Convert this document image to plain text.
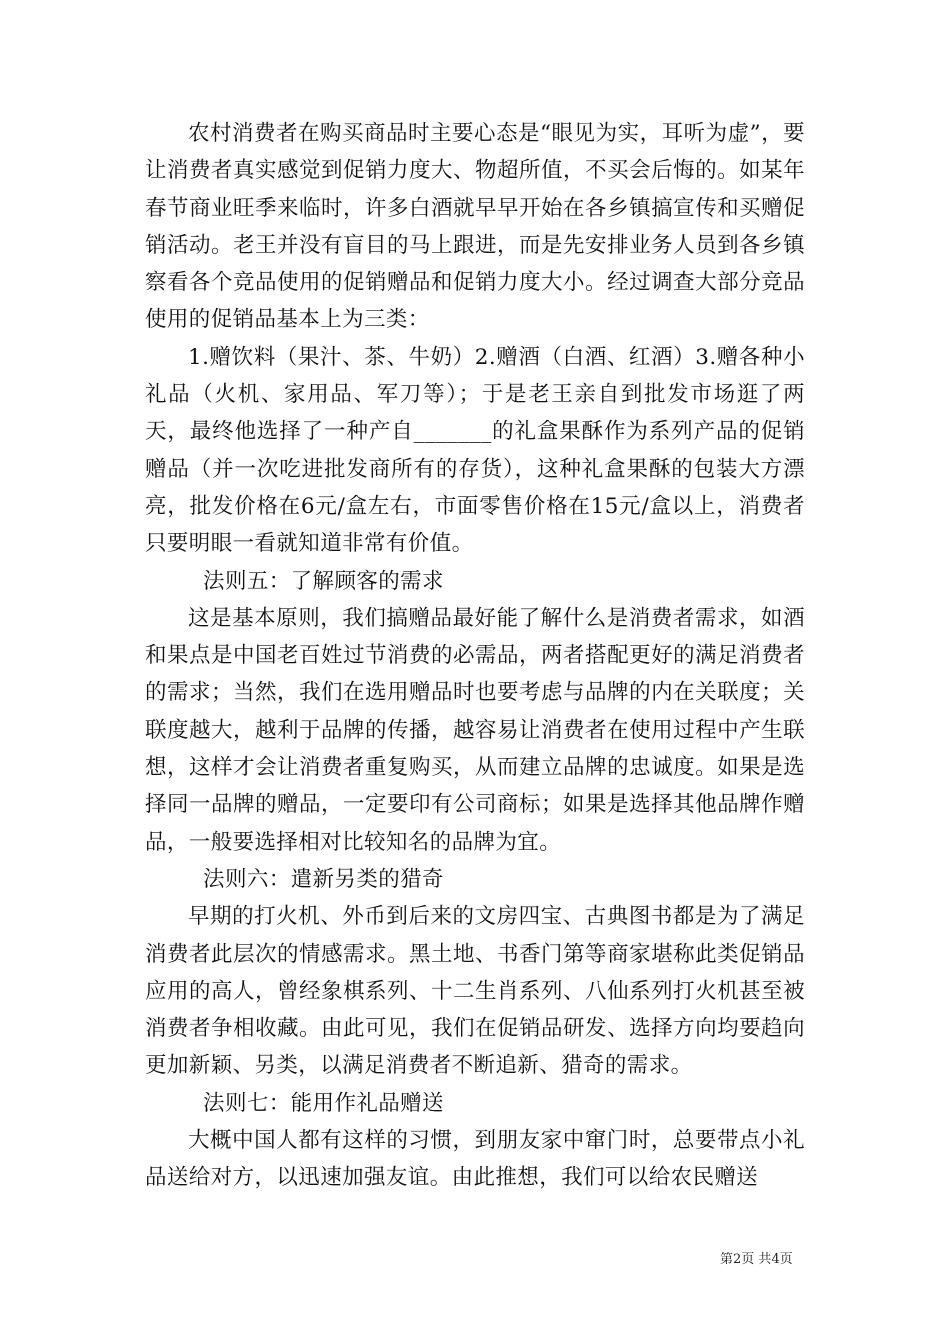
农村消费者在购买商品时主要心态是“眼见为实，耳听为虚”，要让消费者真实感觉到促销力度大、物超所值，不买会后悔的。如某年春节商业旺季来临时，许多白酒就早早开始在各乡镇搞宣传和买赠促销活动。老王并没有盲目的马上跟进，而是先安排业务人员到各乡镇察看各个竞品使用的促销赠品和促销力度大小。经过调查大部分竞品使用的促销品基本上为三类：

1.赠饮料（果汁、茶、牛奶）2.赠酒（白酒、红酒）3.赠各种小礼品（火机、家用品、军刀等）；于是老王亲自到批发市场逛了两天，最终他选择了一种产自_______的礼盒果酥作为系列产品的促销赠品（并一次吃进批发商所有的存货），这种礼盒果酥的包装大方漂亮，批发价格在6元/盒左右，市面零售价格在15元/盒以上，消费者只要明眼一看就知道非常有价值。

法则五：了解顾客的需求

这是基本原则，我们搞赠品最好能了解什么是消费者需求，如酒和果点是中国老百姓过节消费的必需品，两者搭配更好的满足消费者的需求；当然，我们在选用赠品时也要考虑与品牌的内在关联度；关联度越大，越利于品牌的传播，越容易让消费者在使用过程中产生联想，这样才会让消费者重复购买，从而建立品牌的忠诚度。如果是选择同一品牌的赠品，一定要印有公司商标；如果是选择其他品牌作赠品，一般要选择相对比较知名的品牌为宜。

法则六：遣新另类的猎奇

早期的打火机、外币到后来的文房四宝、古典图书都是为了满足消费者此层次的情感需求。黑土地、书香门第等商家堪称此类促销品应用的高人，曾经象棋系列、十二生肖系列、八仙系列打火机甚至被消费者争相收藏。由此可见，我们在促销品研发、选择方向均要趋向更加新颖、另类，以满足消费者不断追新、猎奇的需求。

法则七：能用作礼品赠送

大概中国人都有这样的习惯，到朋友家中窜门时，总要带点小礼品送给对方，以迅速加强友谊。由此推想，我们可以给农民赠送

第2页 共4页
